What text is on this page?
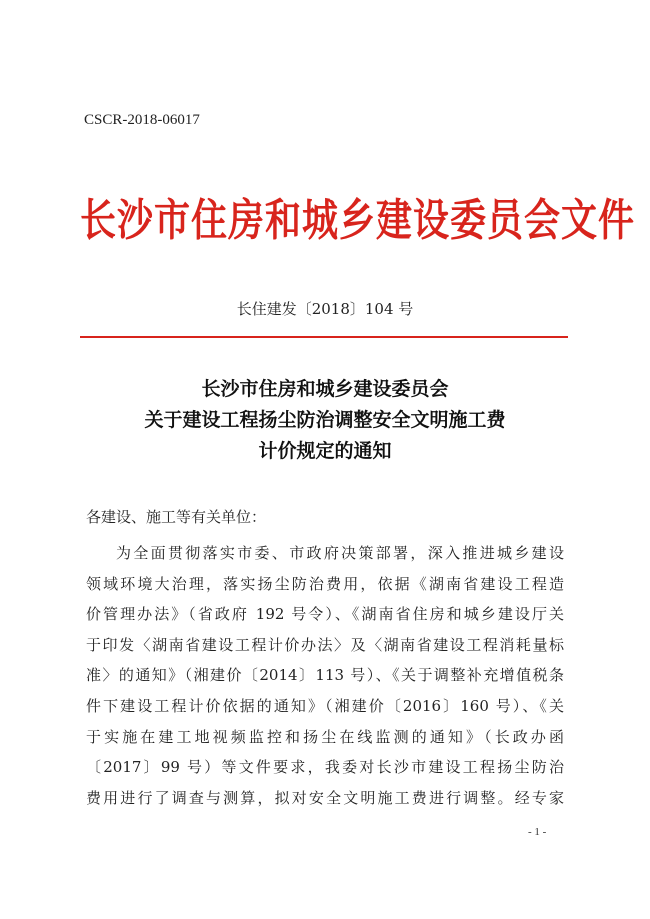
CSCR-2018-06017
长沙市住房和城乡建设委员会文件
长住建发〔2018〕104 号
长沙市住房和城乡建设委员会
关于建设工程扬尘防治调整安全文明施工费
计价规定的通知
各建设、施工等有关单位：
为全面贯彻落实市委、市政府决策部署，深入推进城乡建设
领域环境大治理，落实扬尘防治费用，依据《湖南省建设工程造
价管理办法》（省政府 192 号令）、《湖南省住房和城乡建设厅关
于印发〈湖南省建设工程计价办法〉及〈湖南省建设工程消耗量标
准〉的通知》（湘建价〔2014〕113 号）、《关于调整补充增值税条
件下建设工程计价依据的通知》（湘建价〔2016〕160 号）、《关
于实施在建工地视频监控和扬尘在线监测的通知》（长政办函
〔2017〕99 号）等文件要求，我委对长沙市建设工程扬尘防治
费用进行了调查与测算，拟对安全文明施工费进行调整。经专家
- 1 -
